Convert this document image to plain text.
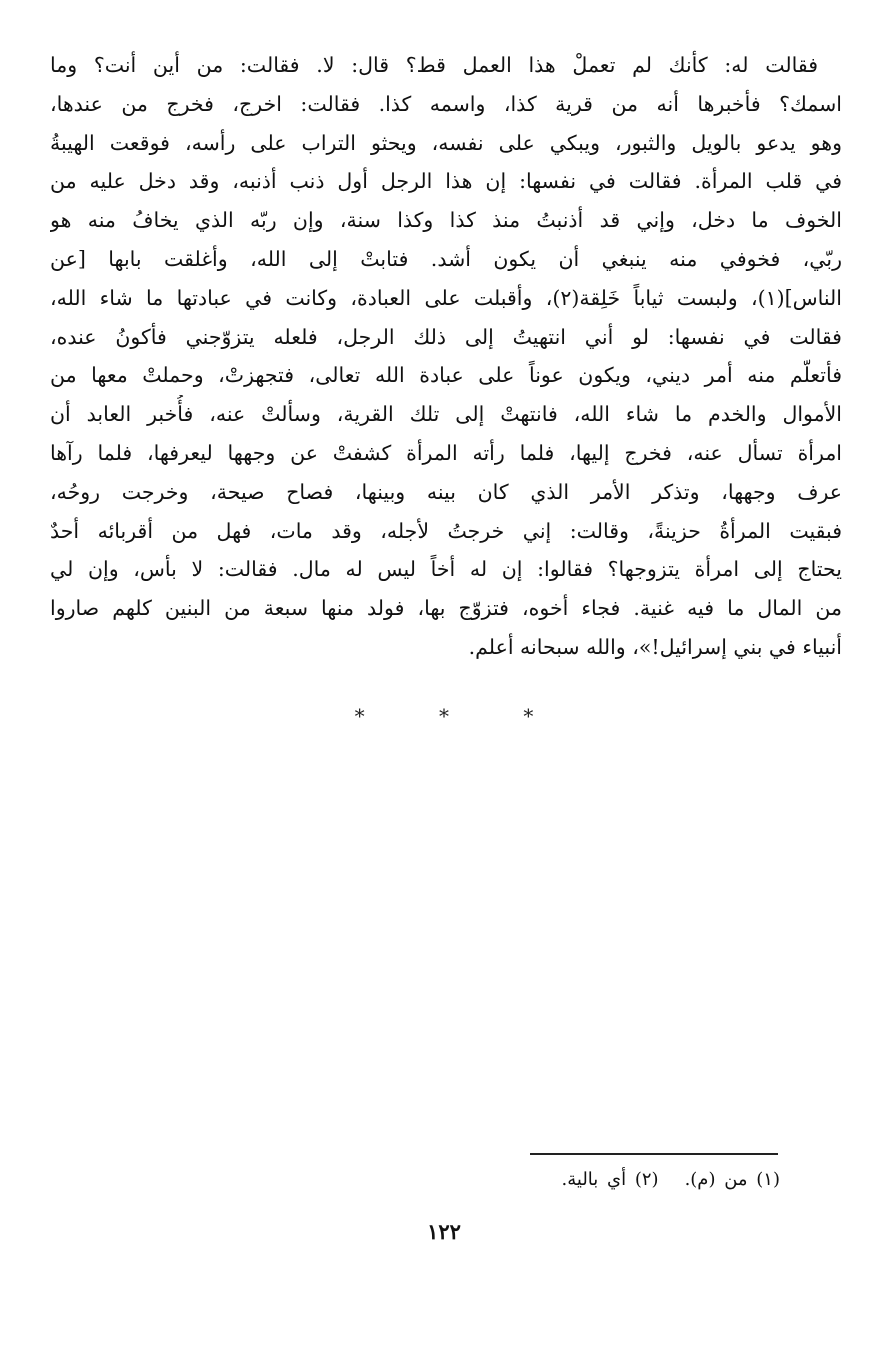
فقالت له: كأنك لم تعملْ هذا العمل قط؟ قال: لا. فقالت: من أين أنت؟ وما
اسمك؟ فأخبرها أنه من قرية كذا، واسمه كذا. فقالت: اخرج، فخرج من عندها،
وهو يدعو بالويل والثبور، ويبكي على نفسه، ويحثو التراب على رأسه، فوقعت الهيبةُ
في قلب المرأة. فقالت في نفسها: إن هذا الرجل أول ذنب أذنبه، وقد دخل عليه من
الخوف ما دخل، وإني قد أذنبتُ منذ كذا وكذا سنة، وإن ربّه الذي يخافُ منه هو
ربّي، فخوفي منه ينبغي أن يكون أشد. فتابتْ إلى الله، وأغلقت بابها [عن
الناس](١)، ولبست ثياباً خَلِقة(٢)، وأقبلت على العبادة، وكانت في عبادتها ما شاء الله،
فقالت في نفسها: لو أني انتهيتُ إلى ذلك الرجل، فلعله يتزوّجني فأكونُ عنده،
فأتعلّم منه أمر ديني، ويكون عوناً على عبادة الله تعالى، فتجهزتْ، وحملتْ معها من
الأموال والخدم ما شاء الله، فانتهتْ إلى تلك القرية، وسألتْ عنه، فأُخبر العابد أن
امرأة تسأل عنه، فخرج إليها، فلما رأته المرأة كشفتْ عن وجهها ليعرفها، فلما رآها
عرف وجهها، وتذكر الأمر الذي كان بينه وبينها، فصاح صيحة، وخرجت روحُه،
فبقيت المرأةُ حزينةً، وقالت: إني خرجتُ لأجله، وقد مات، فهل من أقربائه أحدٌ
يحتاج إلى امرأة يتزوجها؟ فقالوا: إن له أخاً ليس له مال. فقالت: لا بأس، وإن لي
من المال ما فيه غنية. فجاء أخوه، فتزوّج بها، فولد منها سبعة من البنين كلهم صاروا
أنبياء في بني إسرائيل!»، والله سبحانه أعلم.
* * *
(١) من (م).(٢) أي بالية.
١٢٢
